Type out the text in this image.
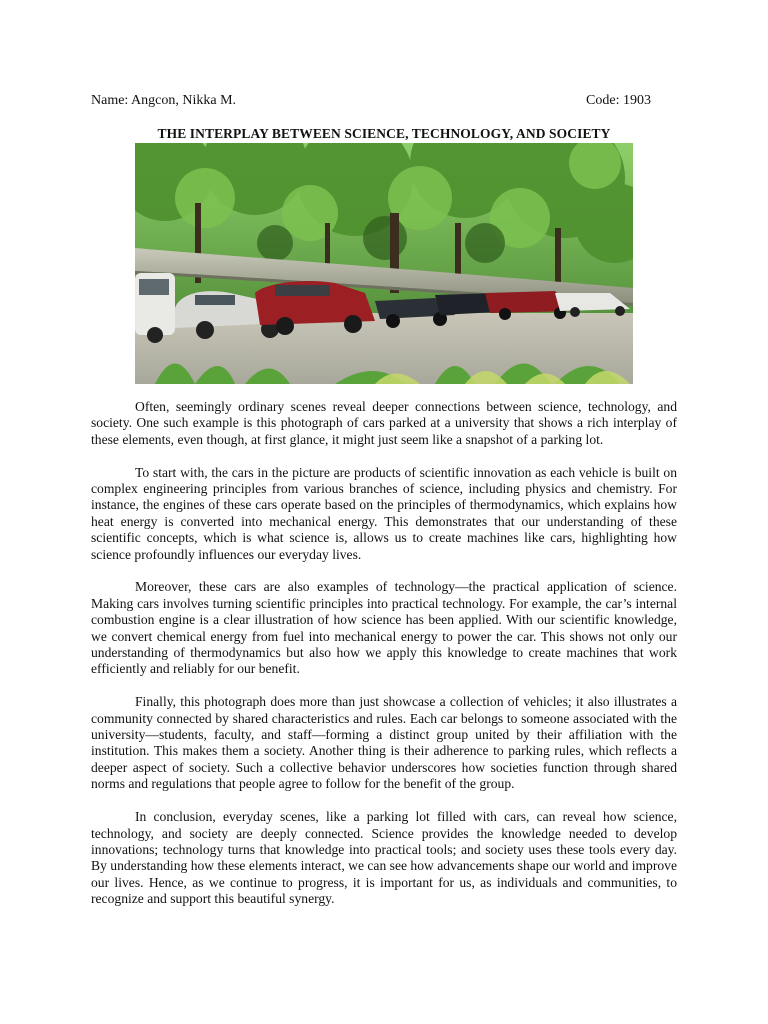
Name: Angcon, Nikka M.	Code: 1903
THE INTERPLAY BETWEEN SCIENCE, TECHNOLOGY, AND SOCIETY

Often, seemingly ordinary scenes reveal deeper connections between science, technology, and society. One such example is this photograph of cars parked at a university that shows a rich interplay of these elements, even though, at first glance, it might just seem like a snapshot of a parking lot.

To start with, the cars in the picture are products of scientific innovation as each vehicle is built on complex engineering principles from various branches of science, including physics and chemistry. For instance, the engines of these cars operate based on the principles of thermodynamics, which explains how heat energy is converted into mechanical energy. This demonstrates that our understanding of these scientific concepts, which is what science is, allows us to create machines like cars, highlighting how science profoundly influences our everyday lives.

Moreover, these cars are also examples of technology—the practical application of science. Making cars involves turning scientific principles into practical technology. For example, the car’s internal combustion engine is a clear illustration of how science has been applied. With our scientific knowledge, we convert chemical energy from fuel into mechanical energy to power the car. This shows not only our understanding of thermodynamics but also how we apply this knowledge to create machines that work efficiently and reliably for our benefit.

Finally, this photograph does more than just showcase a collection of vehicles; it also illustrates a community connected by shared characteristics and rules. Each car belongs to someone associated with the university—students, faculty, and staff—forming a distinct group united by their affiliation with the institution. This makes them a society. Another thing is their adherence to parking rules, which reflects a deeper aspect of society. Such a collective behavior underscores how societies function through shared norms and regulations that people agree to follow for the benefit of the group.

In conclusion, everyday scenes, like a parking lot filled with cars, can reveal how science, technology, and society are deeply connected. Science provides the knowledge needed to develop innovations; technology turns that knowledge into practical tools; and society uses these tools every day. By understanding how these elements interact, we can see how advancements shape our world and improve our lives. Hence, as we continue to progress, it is important for us, as individuals and communities, to recognize and support this beautiful synergy.
